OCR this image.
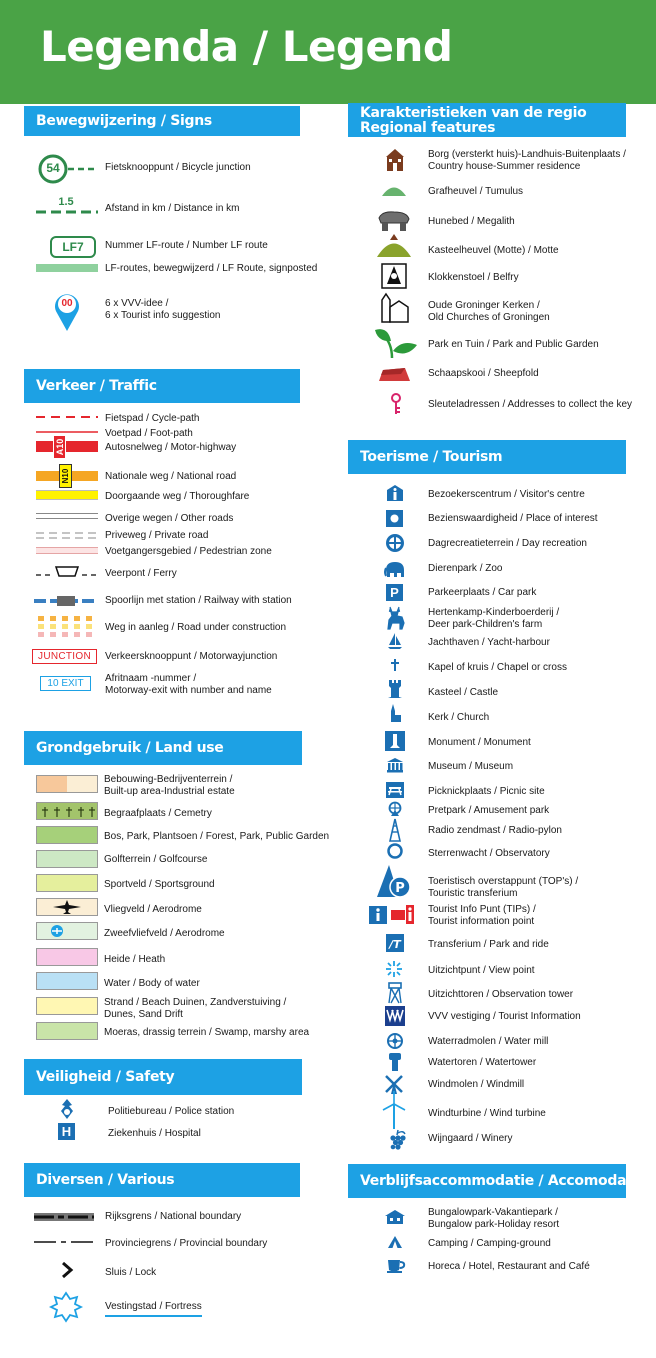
Legenda / Legend
Bewegwijzering / Signs
Verkeer / Traffic
Grondgebruik / Land use
Veiligheid / Safety
Diversen / Various
Karakteristieken van de regio
Regional features
Toerisme / Tourism
Verblijfsaccommodatie / Accomodation
54	Fietsknooppunt / Bicycle junction
1.5
Afstand in km / Distance in km
LF7	Nummer LF-route / Number LF route
LF-routes, bewegwijzerd / LF Route, signposted
00	6 x VVV-idee /
6 x Tourist info suggestion
Fietspad / Cycle-path
Voetpad / Foot-path
A10	Autosnelweg / Motor-highway
N10	Nationale weg / National road
Doorgaande weg / Thoroughfare
Overige wegen / Other roads
Priveweg / Private road
Voetgangersgebied / Pedestrian zone
Veerpont / Ferry
Spoorlijn met station / Railway with station
Weg in aanleg / Road under construction
JUNCTION	Verkeersknooppunt / Motorwayjunction
10 EXIT	Afritnaam -nummer /
Motorway-exit with number and name
Bebouwing-Bedrijventerrein /
Built-up area-Industrial estate
Begraafplaats / Cemetry
Bos, Park, Plantsoen / Forest, Park, Public Garden
Golfterrein / Golfcourse
Sportveld / Sportsground
Vliegveld / Aerodrome
Zweefvliefveld / Aerodrome
Heide / Heath
Water / Body of water
Strand / Beach Duinen, Zandverstuiving /
Dunes, Sand Drift
Moeras, drassig terrein / Swamp, marshy area
Politiebureau / Police station
H	Ziekenhuis / Hospital
Rijksgrens / National boundary
Provinciegrens / Provincial boundary
Sluis / Lock
Vestingstad / Fortress
Borg (versterkt huis)-Landhuis-Buitenplaats /
Country house-Summer residence
Grafheuvel / Tumulus
Hunebed / Megalith
Kasteelheuvel (Motte) / Motte
Klokkenstoel / Belfry
Oude Groninger Kerken /
Old Churches of Groningen
Park en Tuin / Park and Public Garden
Schaapskooi / Sheepfold
Sleuteladressen / Addresses to collect the key
Bezoekerscentrum / Visitor's centre
Bezienswaardigheid / Place of interest
Dagrecreatieterrein / Day recreation
Dierenpark / Zoo
P	Parkeerplaats / Car park
Hertenkamp-Kinderboerderij /
Deer park-Children's farm
Jachthaven / Yacht-harbour
Kapel of kruis / Chapel or cross
Kasteel / Castle
Kerk / Church
Monument / Monument
Museum / Museum
Picknickplaats / Picnic site
Pretpark / Amusement park
Radio zendmast / Radio-pylon
Sterrenwacht / Observatory
P Toeristisch overstappunt (TOP's) /
Touristic transferium
Tourist Info Punt (TIPs) /
Tourist information point
/T	Transferium / Park and ride
Uitzichtpunt / View point
Uitzichttoren / Observation tower
VVV vestiging / Tourist Information
Waterradmolen / Water mill
Watertoren / Watertower
Windmolen / Windmill
Windturbine / Wind turbine
Wijngaard / Winery
Bungalowpark-Vakantiepark /
Bungalow park-Holiday resort
Camping / Camping-ground
Horeca / Hotel, Restaurant and Café
